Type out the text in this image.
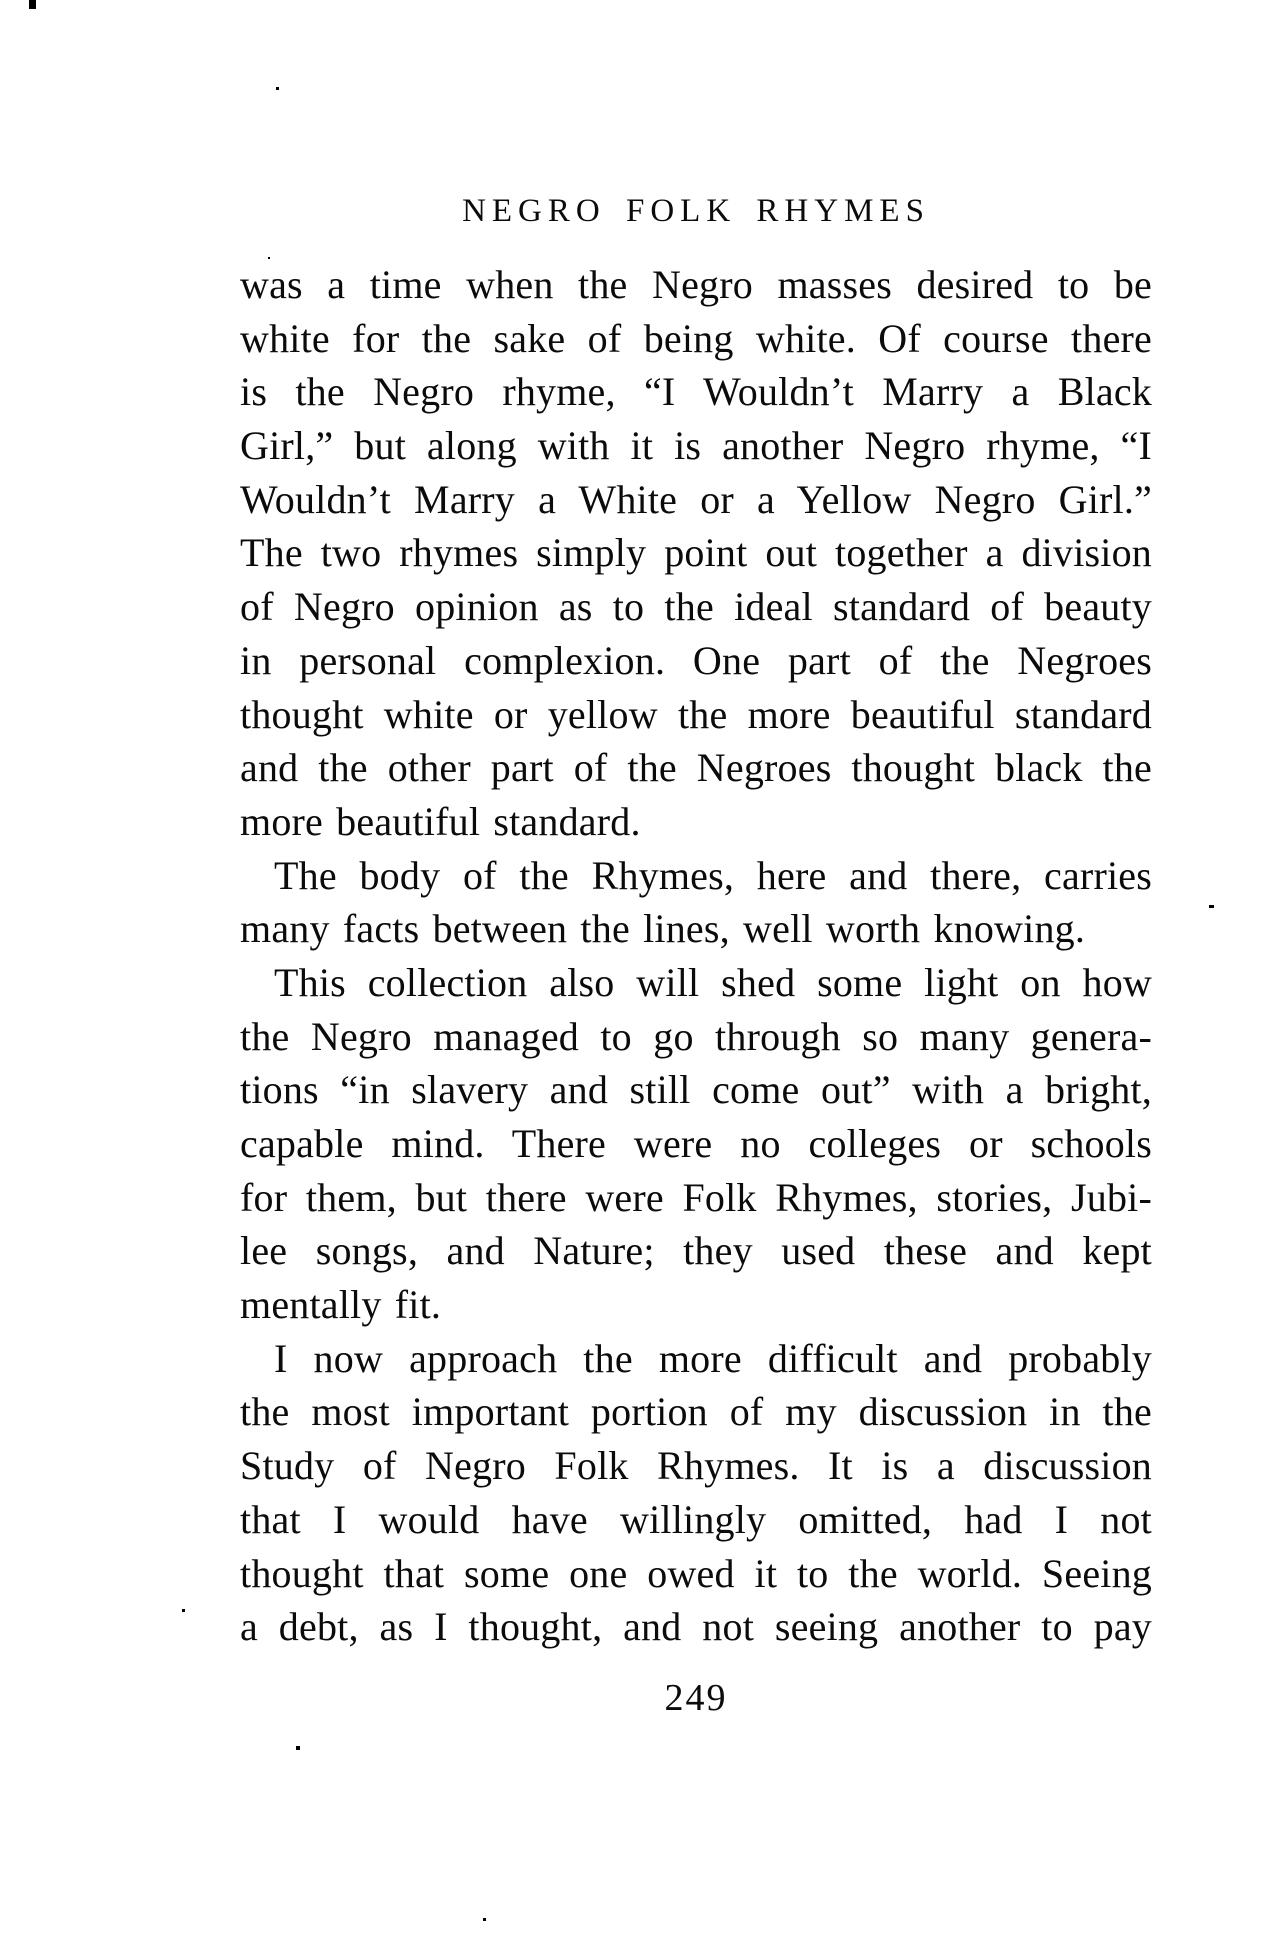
NEGRO FOLK RHYMES
was a time when the Negro masses desired to be
white for the sake of being white. Of course there
is the Negro rhyme, “I Wouldn’t Marry a Black
Girl,” but along with it is another Negro rhyme, “I
Wouldn’t Marry a White or a Yellow Negro Girl.”
The two rhymes simply point out together a division
of Negro opinion as to the ideal standard of beauty
in personal complexion. One part of the Negroes
thought white or yellow the more beautiful standard
and the other part of the Negroes thought black the
more beautiful standard.
The body of the Rhymes, here and there, carries
many facts between the lines, well worth knowing.
This collection also will shed some light on how
the Negro managed to go through so many genera-
tions “in slavery and still come out” with a bright,
capable mind. There were no colleges or schools
for them, but there were Folk Rhymes, stories, Jubi-
lee songs, and Nature; they used these and kept
mentally fit.
I now approach the more difficult and probably
the most important portion of my discussion in the
Study of Negro Folk Rhymes. It is a discussion
that I would have willingly omitted, had I not
thought that some one owed it to the world. Seeing
a debt, as I thought, and not seeing another to pay
249
